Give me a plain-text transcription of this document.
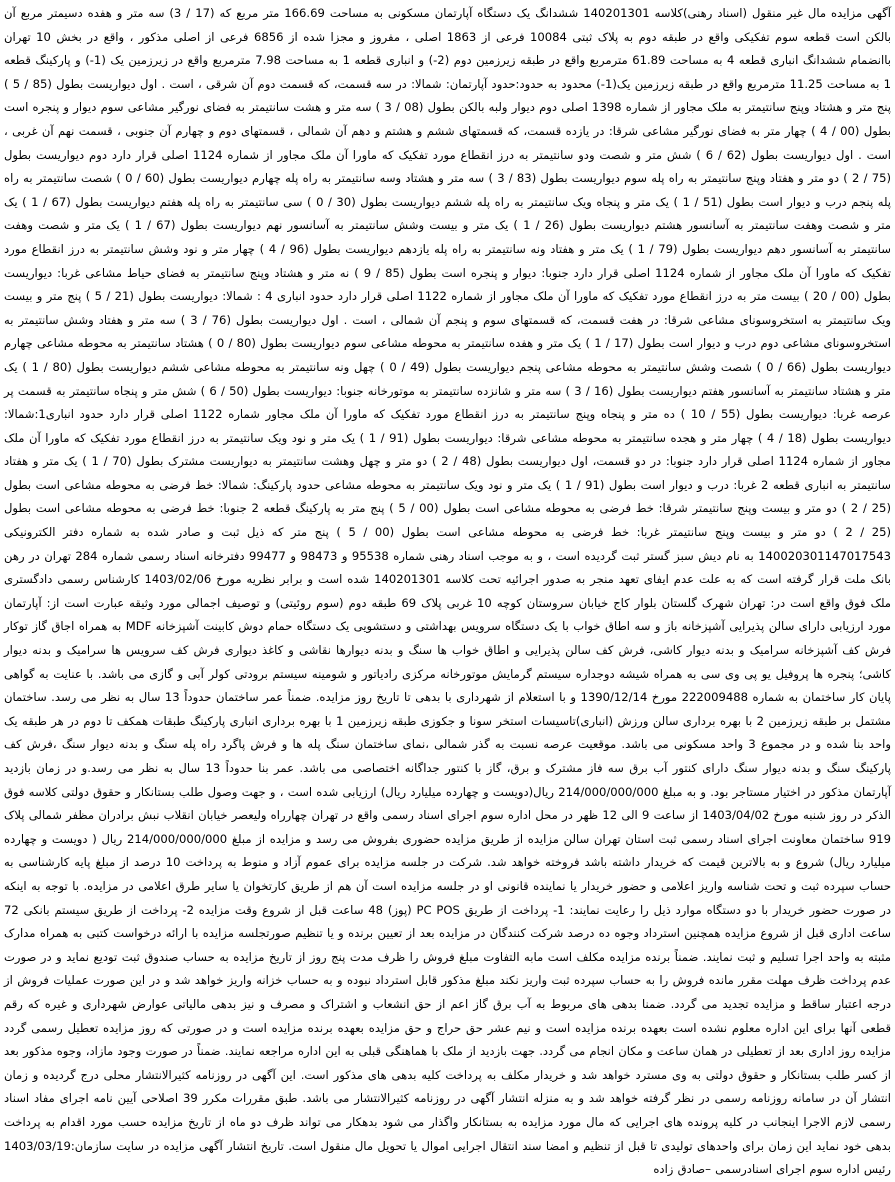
آگهی مزایده مال غیر منقول (اسناد رهنی)کلاسه 140201301 ششدانگ یک دستگاه آپارتمان مسکونی به مساحت 166.69 متر مربع که (17 / 3) سه متر و هفده دسیمتر مربع آن بالکن است قطعه سوم تفکیکی واقع در طبقه دوم به پلاک ثبتی 10084 فرعی از 1863 اصلی ، مفروز و مجزا شده از 6856 فرعی از اصلی مذکور ، واقع در بخش 10 تهران باانضمام ششدانگ انباری قطعه 4 به مساحت 61.89 مترمربع واقع در طبقه زیرزمین دوم (2-) و انباری قطعه 1 به مساحت 7.98 مترمربع واقع در زیرزمین یک (1-) و پارکینگ قطعه 1 به مساحت 11.25 مترمربع واقع در طبقه زیرزمین یک(1-) محدود به حدود:حدود آپارتمان: شمالا: در سه قسمت، که قسمت دوم آن شرقی ، است . اول دیواریست بطول (85 / 5 ) پنج متر و هشتاد وپنج سانتیمتر به ملک مجاور از شماره 1398 اصلی دوم دیوار ولبه بالکن بطول (08 / 3 ) سه متر و هشت سانتیمتر به فضای نورگیر مشاعی سوم دیوار و پنجره است بطول (00 / 4 ) چهار متر به فضای نورگیر مشاعی شرقا: در یازده قسمت، که قسمتهای ششم و هشتم و دهم آن شمالی ، قسمتهای دوم و چهارم آن جنوبی ، قسمت نهم آن غربی ، است . اول دیواریست بطول (62 / 6 ) شش متر و شصت ودو سانتیمتر به درز انقطاع مورد تفکیک که ماورا آن ملک مجاور از شماره 1124 اصلی قرار دارد دوم دیواریست بطول (75 / 2 ) دو متر و هفتاد وپنج سانتیمتر به راه پله سوم دیواریست بطول (83 / 3 ) سه متر و هشتاد وسه سانتیمتر به راه پله چهارم دیواریست بطول (60 / 0 ) شصت سانتیمتر به راه پله پنجم درب و دیوار است بطول (51 / 1 ) یک متر و پنجاه ویک سانتیمتر به راه پله ششم دیواریست بطول (30 / 0 ) سی سانتیمتر به راه پله هفتم دیواریست بطول (67 / 1 ) یک متر و شصت وهفت سانتیمتر به آسانسور هشتم دیواریست بطول (26 / 1 ) یک متر و بیست وشش سانتیمتر به آسانسور نهم دیواریست بطول (67 / 1 ) یک متر و شصت وهفت سانتیمتر به آسانسور دهم دیواریست بطول (79 / 1 ) یک متر و هفتاد ونه سانتیمتر به راه پله یازدهم دیواریست بطول (96 / 4 ) چهار متر و نود وشش سانتیمتر به درز انقطاع مورد تفکیک که ماورا آن ملک مجاور از شماره 1124 اصلی قرار دارد جنوبا: دیوار و پنجره است بطول (85 / 9 ) نه متر و هشتاد وپنج سانتیمتر به فضای حیاط مشاعی غربا: دیواریست بطول (00 / 20 ) بیست متر به درز انقطاع مورد تفکیک که ماورا آن ملک مجاور از شماره 1122 اصلی قرار دارد حدود انباری 4 : شمالا: دیواریست بطول (21 / 5 ) پنج متر و بیست ویک سانتیمتر به استخروسونای مشاعی شرقا: در هفت قسمت، که قسمتهای سوم و پنجم آن شمالی ، است . اول دیواریست بطول (76 / 3 ) سه متر و هفتاد وشش سانتیمتر به استخروسونای مشاعی دوم درب و دیوار است بطول (17 / 1 ) یک متر و هفده سانتیمتر به محوطه مشاعی سوم دیواریست بطول (80 / 0 ) هشتاد سانتیمتر به محوطه مشاعی چهارم دیواریست بطول (66 / 0 ) شصت وشش سانتیمتر به محوطه مشاعی پنجم دیواریست بطول (49 / 0 ) چهل ونه سانتیمتر به محوطه مشاعی ششم دیواریست بطول (80 / 1 ) یک متر و هشتاد سانتیمتر به آسانسور هفتم دیواریست بطول (16 / 3 ) سه متر و شانزده سانتیمتر به موتورخانه جنوبا: دیواریست بطول (50 / 6 ) شش متر و پنجاه سانتیمتر به قسمت پر عرصه غربا: دیواریست بطول (55 / 10 ) ده متر و پنجاه وپنج سانتیمتر به درز انقطاع مورد تفکیک که ماورا آن ملک مجاور شماره 1122 اصلی قرار دارد حدود انباری1:شمالا: دیواریست بطول (18 / 4 ) چهار متر و هجده سانتیمتر به محوطه مشاعی شرقا: دیواریست بطول (91 / 1 ) یک متر و نود ویک سانتیمتر به درز انقطاع مورد تفکیک که ماورا آن ملک مجاور از شماره 1124 اصلی قرار دارد جنوبا: در دو قسمت، اول دیواریست بطول (48 / 2 ) دو متر و چهل وهشت سانتیمتر به دیواریست مشترک بطول (70 / 1 ) یک متر و هفتاد سانتیمتر به انباری قطعه 2 غربا: درب و دیوار است بطول (91 / 1 ) یک متر و نود ویک سانتیمتر به محوطه مشاعی حدود پارکینگ: شمالا: خط فرضی به محوطه مشاعی است بطول (25 / 2 ) دو متر و بیست وپنج سانتیمتر شرقا: خط فرضی به محوطه مشاعی است بطول (00 / 5 ) پنج متر به پارکینگ قطعه 2 جنوبا: خط فرضی به محوطه مشاعی است بطول (25 / 2 ) دو متر و بیست وپنج سانتیمتر غربا: خط فرضی به محوطه مشاعی است بطول (00 / 5 ) پنج متر که ذیل ثبت و صادر شده به شماره دفتر الکترونیکی 140020301147017543 به نام دیش سبز گستر ثبت گردیده است ، و به موجب اسناد رهنی شماره 95538 و 98473 و 99477 دفترخانه اسناد رسمی شماره 284 تهران در رهن بانک ملت قرار گرفته است که به علت عدم ایفای تعهد منجر به صدور اجرائیه تحت کلاسه 140201301 شده است و برابر نظریه مورخ 1403/02/06 کارشناس رسمی دادگستری ملک فوق واقع است در: تهران شهرک گلستان بلوار کاج خیابان سروستان کوچه 10 غربی پلاک 69 طبقه دوم (سوم روئیتی) و توصیف اجمالی مورد وثیقه عبارت است از: آپارتمان مورد ارزیابی دارای سالن پذیرایی آشپزخانه باز و سه اطاق خواب با یک دستگاه سرویس بهداشتی و دستشویی یک دستگاه حمام دوش کابینت آشپزخانه MDF به همراه اجاق گاز توکار فرش کف آشپزخانه سرامیک و بدنه دیوار کاشی، فرش کف سالن پذیرایی و اطاق خواب ها سنگ و بدنه دیوارها نقاشی و کاغذ دیواری فرش کف سرویس ها سرامیک و بدنه دیوار کاشی؛ پنجره ها پروفیل یو پی وی سی به همراه شیشه دوجداره سیستم گرمایش موتورخانه مرکزی رادیاتور و شومینه سیستم برودتی کولر آبی و گازی می باشد. با عنایت به گواهی پایان کار ساختمان به شماره 222009488 مورخ 1390/12/14 و با استعلام از شهرداری با بدهی تا تاریخ روز مزایده. ضمناً عمر ساختمان حدوداً 13 سال به نظر می رسد. ساختمان مشتمل بر طبقه زیرزمین 2 با بهره برداری سالن ورزش (انباری)تاسیسات استخر سونا و جکوزی طبقه زیرزمین 1 با بهره برداری انباری پارکینگ طبقات همکف تا دوم در هر طبقه یک واحد بنا شده و در مجموع 3 واحد مسکونی می باشد. موقعیت عرصه نسبت به گذر شمالی ،نمای ساختمان سنگ پله ها و فرش پاگرد راه پله سنگ و بدنه دیوار سنگ ،فرش کف پارکینگ سنگ و بدنه دیوار سنگ دارای کنتور آب برق سه فاز مشترک و برق، گاز با کنتور جداگانه اختصاصی می باشد. عمر بنا حدوداً 13 سال به نظر می رسد.و در زمان بازدید آپارتمان مذکور در اختیار مستاجر بود. و به مبلغ 214/000/000/000 ریال(دویست و چهارده میلیارد ریال) ارزیابی شده است ، و جهت وصول طلب بستانکار و حقوق دولتی کلاسه فوق الذکر در روز شنبه مورخ 1403/04/02 از ساعت 9 الی 12 ظهر در محل اداره سوم اجرای اسناد رسمی واقع در تهران چهارراه ولیعصر خیابان انقلاب نبش برادران مظفر شمالی پلاک 919 ساختمان معاونت اجرای اسناد رسمی ثبت استان تهران سالن مزایده از طریق مزایده حضوری بفروش می رسد و مزایده از مبلغ 214/000/000/000 ریال ( دویست و چهارده میلیارد ریال) شروع و به بالاترین قیمت که خریدار داشته باشد فروخته خواهد شد. شرکت در جلسه مزایده برای عموم آزاد و منوط به پرداخت 10 درصد از مبلغ پایه کارشناسی به حساب سپرده ثبت و تحت شناسه واریز اعلامی و حضور خریدار یا نماینده قانونی او در جلسه مزایده است آن هم از طریق کارتخوان یا سایر طرق اعلامی در مزایده. با توجه به اینکه در صورت حضور خریدار با دو دستگاه موارد ذیل را رعایت نمایند: 1- پرداخت از طریق PC POS (پوز) 48 ساعت قبل از شروع وقت مزایده 2- پرداخت از طریق سیستم بانکی 72 ساعت اداری قبل از شروع مزایده همچنین استرداد وجوه ده درصد شرکت کنندگان در مزایده بعد از تعیین برنده و یا تنظیم صورتجلسه مزایده با ارائه درخواست کتبی به همراه مدارک مثبته به واحد اجرا تسلیم و ثبت نمایند. ضمناً برنده مزایده مکلف است مابه التفاوت مبلغ فروش را ظرف مدت پنج روز از تاریخ مزایده به حساب صندوق ثبت تودیع نماید و در صورت عدم پرداخت ظرف مهلت مقرر مانده فروش را به حساب سپرده ثبت واریز نکند مبلغ مذکور قابل استرداد نبوده و به حساب خزانه واریز خواهد شد و در این صورت عملیات فروش از درجه اعتبار ساقط و مزایده تجدید می گردد. ضمنا بدهی های مربوط به آب برق گاز اعم از حق انشعاب و اشتراک و مصرف و نیز بدهی مالیاتی عوارض شهرداری و غیره که رقم قطعی آنها برای این اداره معلوم نشده است بعهده برنده مزایده است و نیم عشر حق حراج و حق مزایده بعهده برنده مزایده است و در صورتی که روز مزایده تعطیل رسمی گردد مزایده روز اداری بعد از تعطیلی در همان ساعت و مکان انجام می گردد. جهت بازدید از ملک با هماهنگی قبلی به این اداره مراجعه نمایند. ضمناً در صورت وجود مازاد، وجوه مذکور بعد از کسر طلب بستانکار و حقوق دولتی به وی مسترد خواهد شد و خریدار مکلف به پرداخت کلیه بدهی های مذکور است. این آگهی در روزنامه کثیرالانتشار محلی درج گردیده و زمان انتشار آن در سامانه روزنامه رسمی در نظر گرفته خواهد شد و به منزله انتشار آگهی در روزنامه کثیرالانتشار می باشد. طبق مقررات مکرر 39 اصلاحی آیین نامه اجرای مفاد اسناد رسمی لازم الاجرا اینجانب در کلیه پرونده های اجرایی که مال مورد مزایده به بستانکار واگذار می شود بدهکار می تواند ظرف دو ماه از تاریخ مزایده حسب مورد اقدام به پرداخت بدهی خود نماید این زمان برای واحدهای تولیدی تا قبل از تنظیم و امضا سند انتقال اجرایی اموال یا تحویل مال منقول است. تاریخ انتشار آگهی مزایده در سایت سازمان:1403/03/19 رئیس اداره سوم اجرای اسنادرسمی –صادق زاده
